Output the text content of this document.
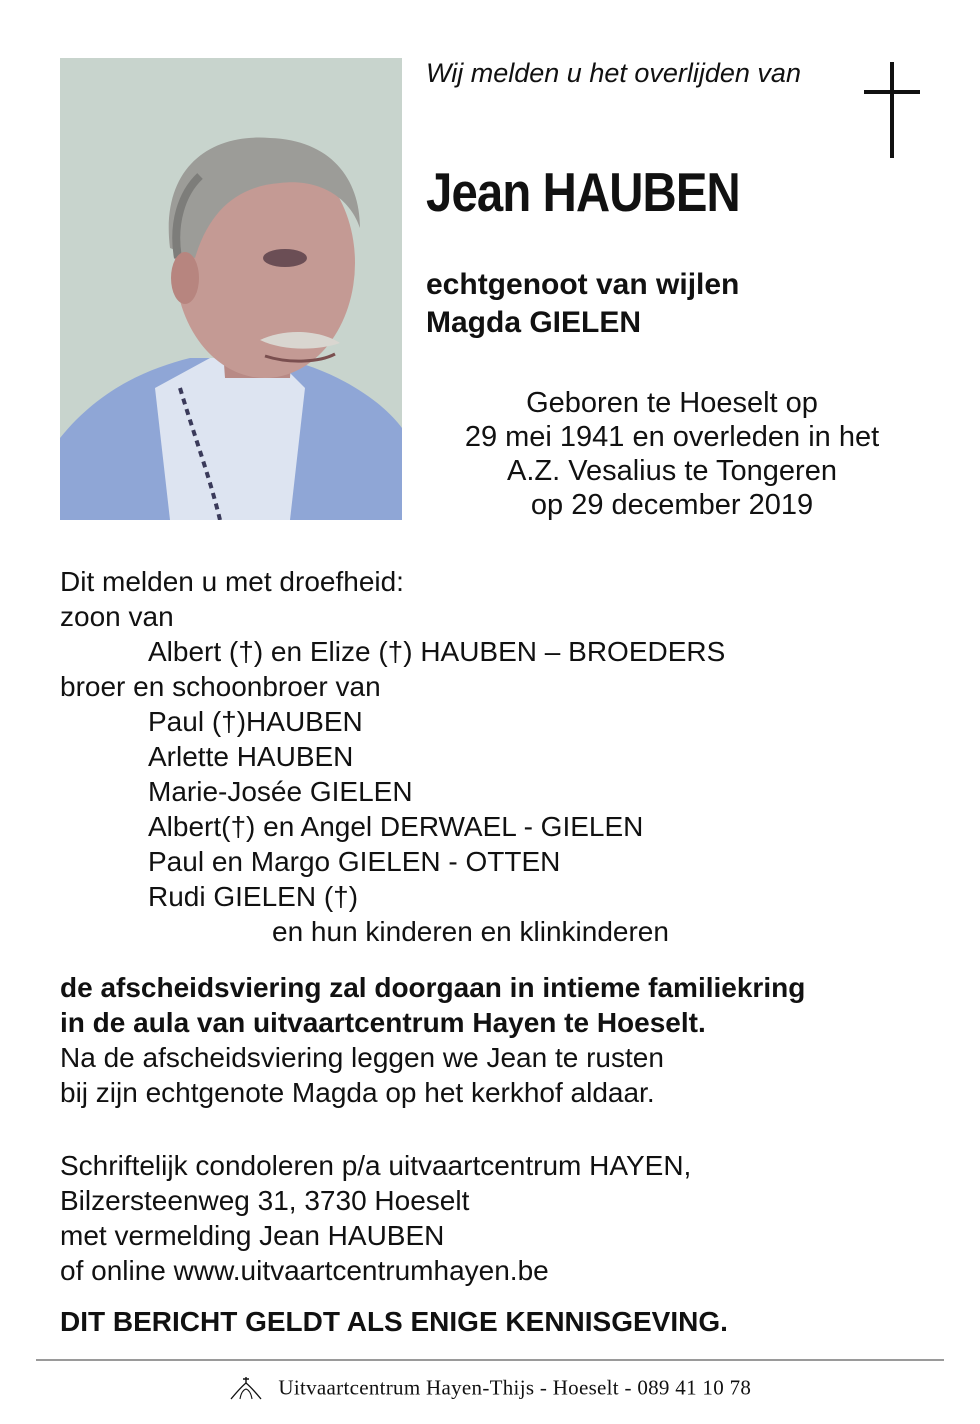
Wij melden u het overlijden van
Jean HAUBEN
echtgenoot van wijlen
Magda GIELEN
Geboren te Hoeselt op
29 mei 1941 en overleden in het
A.Z. Vesalius te Tongeren
op 29 december 2019
Dit melden u met droefheid:
zoon van
Albert (†) en Elize (†) HAUBEN – BROEDERS
broer en schoonbroer van
Paul (†)HAUBEN
Arlette HAUBEN
Marie-Josée GIELEN
Albert(†) en Angel DERWAEL - GIELEN
Paul en Margo GIELEN - OTTEN
Rudi GIELEN (†)
en hun kinderen en klinkinderen
de afscheidsviering zal doorgaan in intieme familiekring
in de aula van uitvaartcentrum Hayen te Hoeselt.
Na de afscheidsviering leggen we Jean te rusten
bij zijn echtgenote Magda op het kerkhof aldaar.
Schriftelijk condoleren p/a uitvaartcentrum HAYEN,
Bilzersteenweg 31, 3730 Hoeselt
met vermelding Jean HAUBEN
of online www.uitvaartcentrumhayen.be
DIT BERICHT GELDT ALS ENIGE KENNISGEVING.
Uitvaartcentrum Hayen-Thijs - Hoeselt - 089 41 10 78
